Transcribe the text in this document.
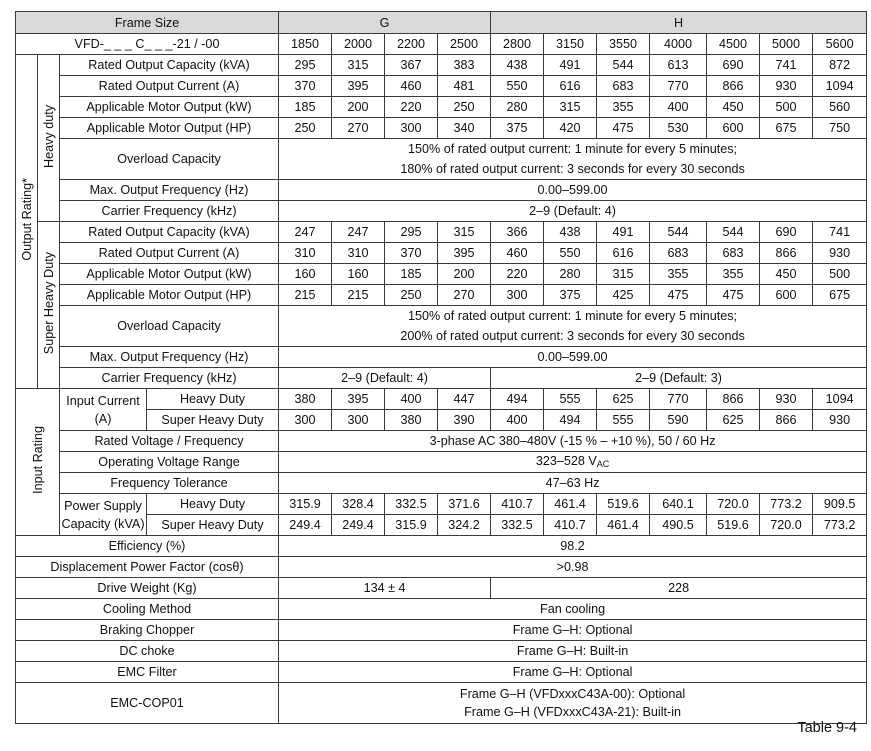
Frame Size				G				H						
VFD-_ _ _ C_ _ _-21 / -00				1850	2000	2200	2500	2800	3150	3550	4000	4500	5000	5600
Output Rating*	Heavy duty	Rated Output Capacity (kVA)		295	315	367	383	438	491	544	613	690	741	872
		Rated Output Current (A)		370	395	460	481	550	616	683	770	866	930	1094
		Applicable Motor Output (kW)		185	200	220	250	280	315	355	400	450	500	560
		Applicable Motor Output (HP)		250	270	300	340	375	420	475	530	600	675	750
		Overload Capacity		150% of rated output current: 1 minute for every 5 minutes;										
				180% of rated output current: 3 seconds for every 30 seconds										
		Max. Output Frequency (Hz)		0.00–599.00										
		Carrier Frequency (kHz)		2–9 (Default: 4)										
	Super Heavy Duty	Rated Output Capacity (kVA)		247	247	295	315	366	438	491	544	544	690	741
		Rated Output Current (A)		310	310	370	395	460	550	616	683	683	866	930
		Applicable Motor Output (kW)		160	160	185	200	220	280	315	355	355	450	500
		Applicable Motor Output (HP)		215	215	250	270	300	375	425	475	475	600	675
		Overload Capacity		150% of rated output current: 1 minute for every 5 minutes;										
				200% of rated output current: 3 seconds for every 30 seconds										
		Max. Output Frequency (Hz)		0.00–599.00										
		Carrier Frequency (kHz)		2–9 (Default: 4)				2–9 (Default: 3)						
Input Rating		Input Current
(A)	Heavy Duty	380	395	400	447	494	555	625	770	866	930	1094
			Super Heavy Duty	300	300	380	390	400	494	555	590	625	866	930
		Rated Voltage / Frequency		3-phase AC 380–480V (-15 % – +10 %), 50 / 60 Hz										
		Operating Voltage Range		323–528 $V_{AC}$
		Frequency Tolerance		47–63 Hz										
		Power Supply
Capacity (kVA)	Heavy Duty	315.9	328.4	332.5	371.6	410.7	461.4	519.6	640.1	720.0	773.2	909.5
			Super Heavy Duty	249.4	249.4	315.9	324.2	332.5	410.7	461.4	490.5	519.6	720.0	773.2
Efficiency (%)				98.2										
Displacement Power Factor (cosθ)				>0.98										
Drive Weight (Kg)				134 ± 4				228						
Cooling Method				Fan cooling										
Braking Chopper				Frame G–H: Optional										
DC choke				Frame G–H: Built-in										
EMC Filter				Frame G–H: Optional										
EMC-COP01				Frame G–H (VFDxxxC43A-00): Optional
Frame G–H (VFDxxxC43A-21): Built-in										
Table 9-4
